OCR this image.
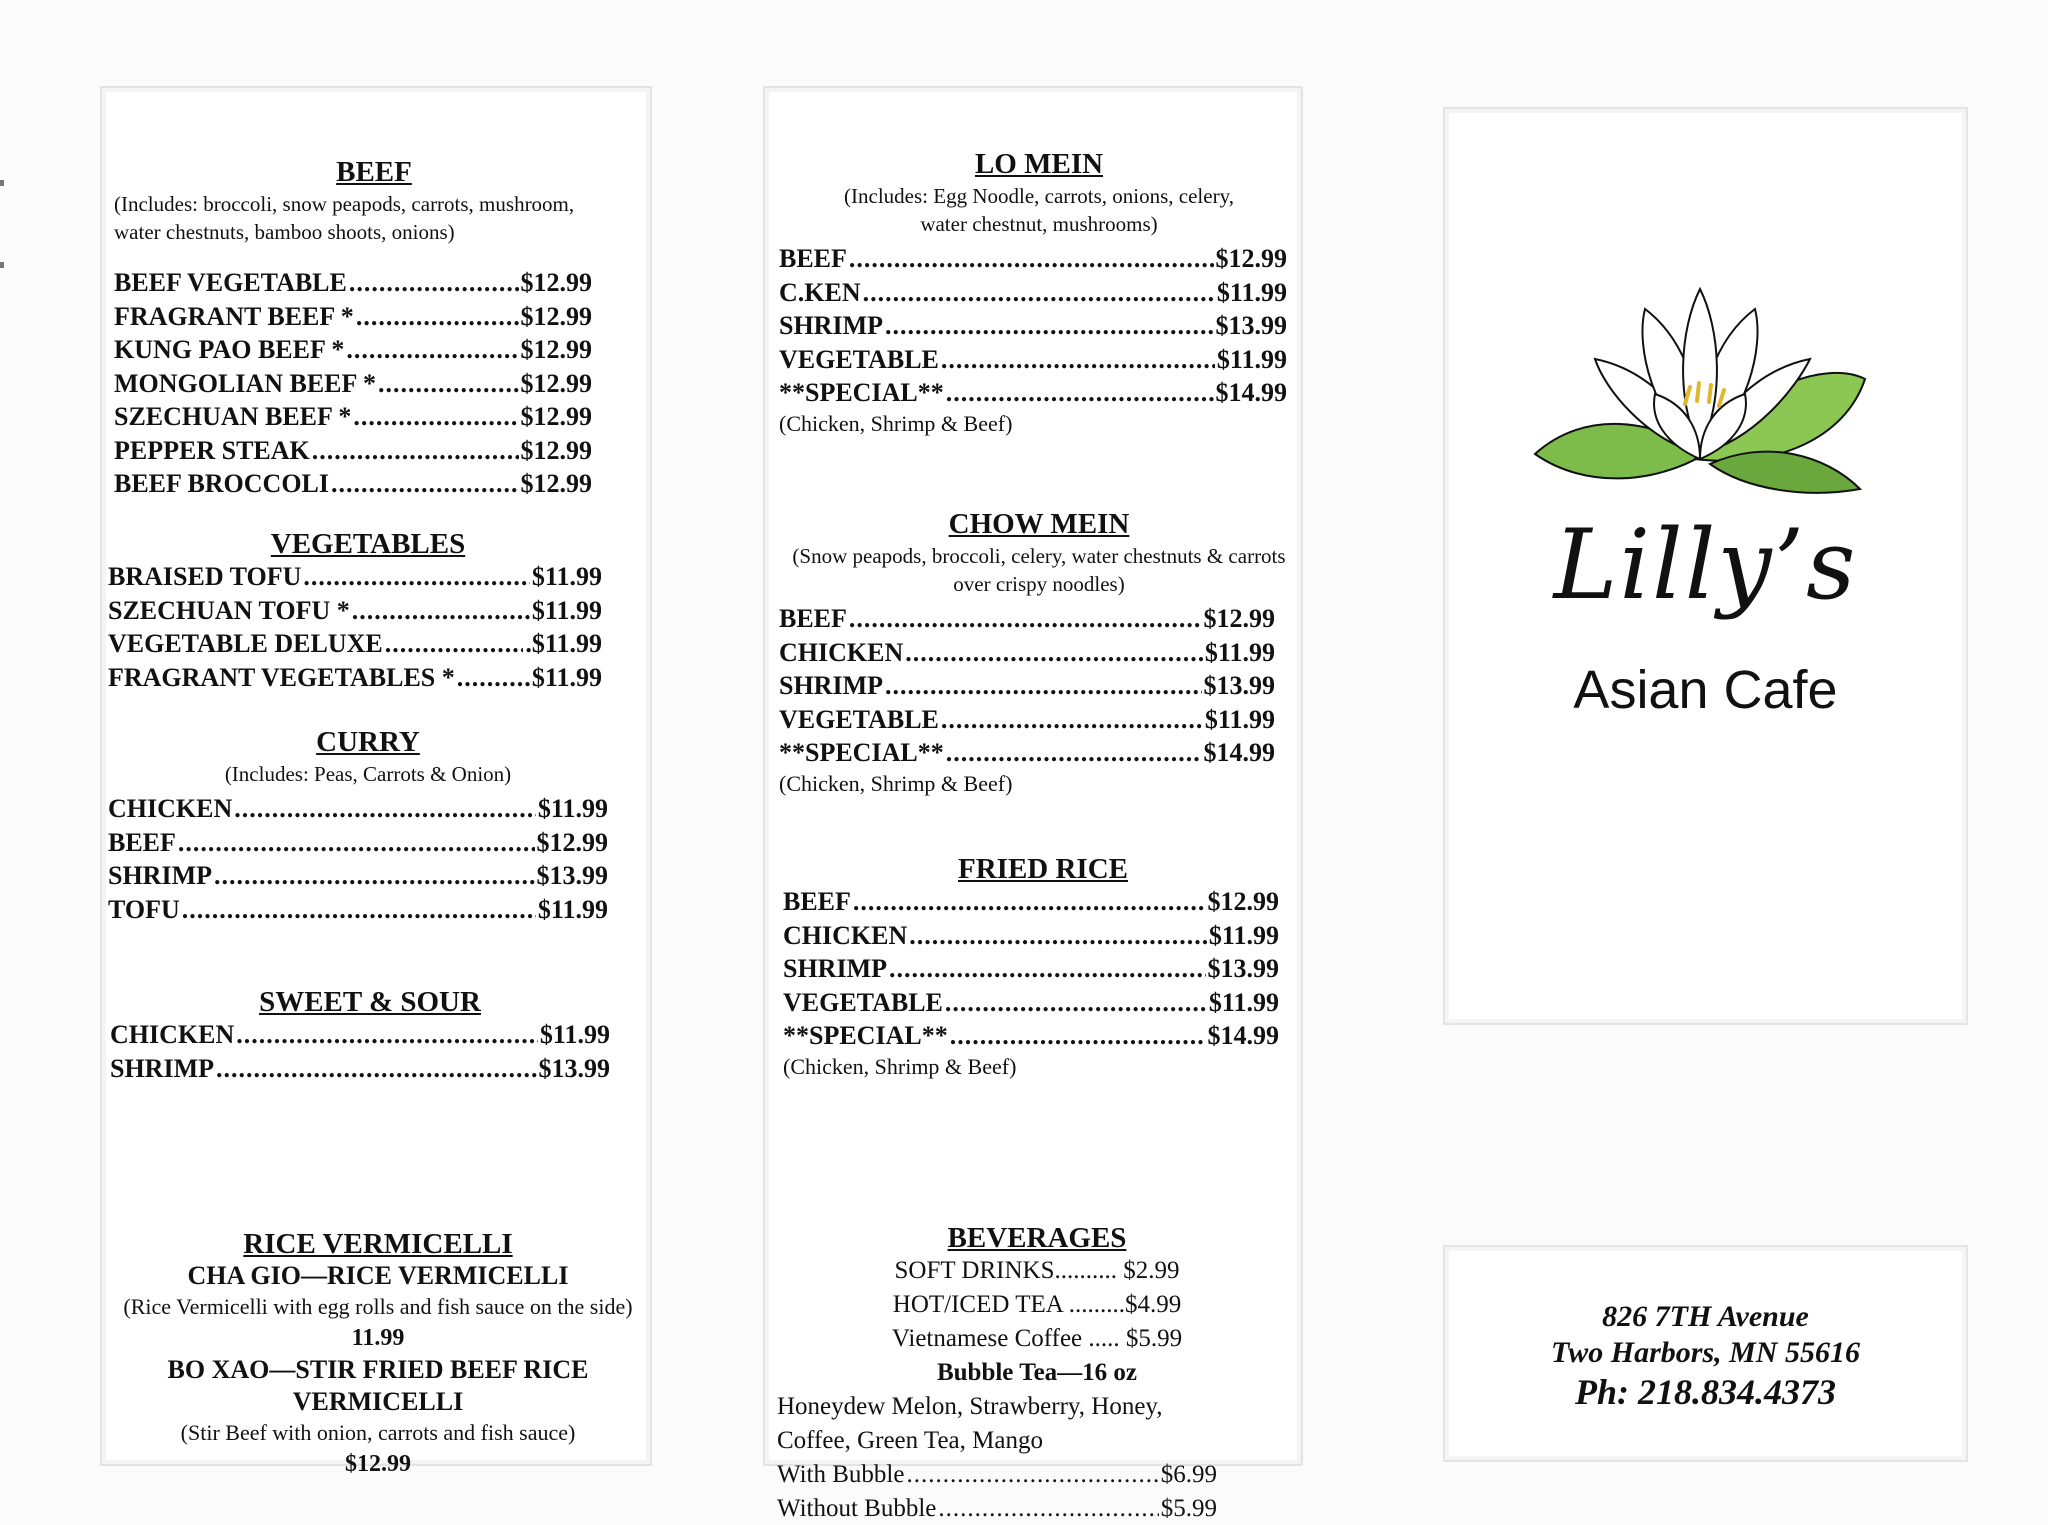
BEEF

(Includes: broccoli, snow peapods, carrots, mushroom, water chestnuts, bamboo shoots, onions)
BEEF VEGETABLE .....	$12.99
FRAGRANT BEEF * .....	$12.99
KUNG PAO BEEF * .....	$12.99
MONGOLIAN BEEF * .....	$12.99
SZECHUAN BEEF * .....	$12.99
PEPPER STEAK .....	$12.99
BEEF BROCCOLI .....	$12.99

VEGETABLES

BRAISED TOFU .....	$11.99
SZECHUAN TOFU * .....	$11.99
VEGETABLE DELUXE .....	.$11.99
FRAGRANT VEGETABLES * .....	$11.99

CURRY

(Includes: Peas, Carrots & Onion)
CHICKEN .....	$11.99
BEEF .....	$12.99
SHRIMP .....	$13.99
TOFU .....	$11.99

SWEET & SOUR

CHICKEN .....	$11.99
SHRIMP .....	$13.99

RICE VERMICELLI

CHA GIO—RICE VERMICELLI
(Rice Vermicelli with egg rolls and fish sauce on the side)
11.99
BO XAO—STIR FRIED BEEF RICE VERMICELLI
(Stir Beef with onion, carrots and fish sauce)
$12.99

LO MEIN

(Includes: Egg Noodle, carrots, onions, celery, water chestnut, mushrooms)
BEEF .....	$12.99
C.KEN .....	$11.99
SHRIMP .....	$13.99
VEGETABLE .....	$11.99
**SPECIAL** .....	$14.99
(Chicken, Shrimp & Beef)

CHOW MEIN

(Snow peapods, broccoli, celery, water chestnuts & carrots over crispy noodles)
BEEF .....	$12.99
CHICKEN .....	$11.99
SHRIMP .....	$13.99
VEGETABLE .....	$11.99
**SPECIAL** .....	$14.99
(Chicken, Shrimp & Beef)

FRIED RICE

BEEF .....	$12.99
CHICKEN .....	$11.99
SHRIMP .....	$13.99
VEGETABLE .....	$11.99
**SPECIAL** .....	$14.99
(Chicken, Shrimp & Beef)

BEVERAGES

SOFT DRINKS.......... $2.99
HOT/ICED TEA .........$4.99
Vietnamese Coffee ..... $5.99
Bubble Tea—16 oz
Honeydew Melon, Strawberry, Honey, Coffee, Green Tea, Mango
With Bubble .....	$6.99
Without Bubble .....	$5.99
Lilly’s
Asian Cafe
826 7TH Avenue
Two Harbors, MN 55616
Ph: 218.834.4373
